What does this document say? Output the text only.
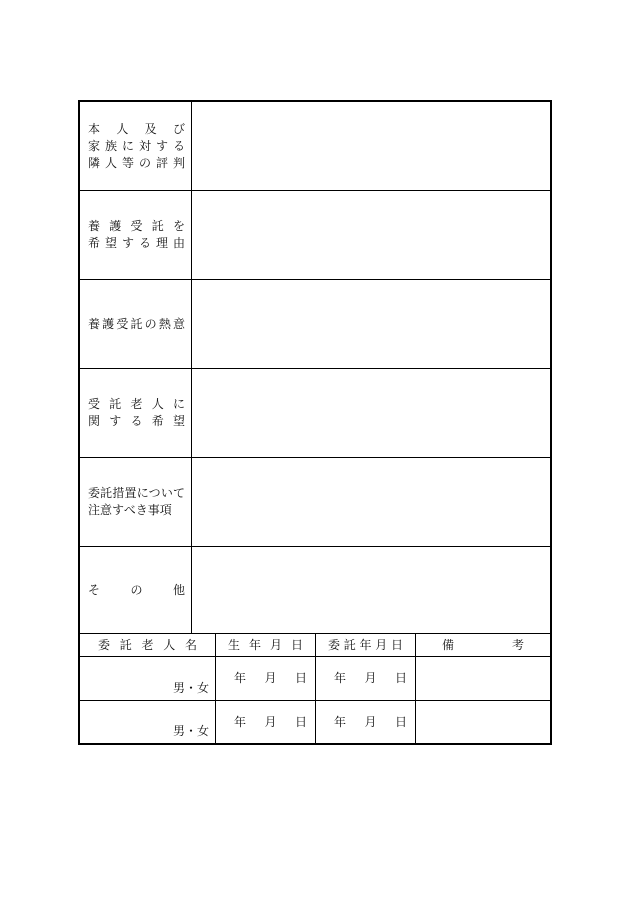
本　人　及　び
家族に対する
隣人等の評判
養護受託を
希望する理由
養護受託の熱意
受託老人に
関する希望
委託措置について
注意すべき事項
そ　の　他
委託老人名	生年月日 委託年月日	備　　考
男・女
年　月　日 年　月　日
男・女
年　月　日 年　月　日
